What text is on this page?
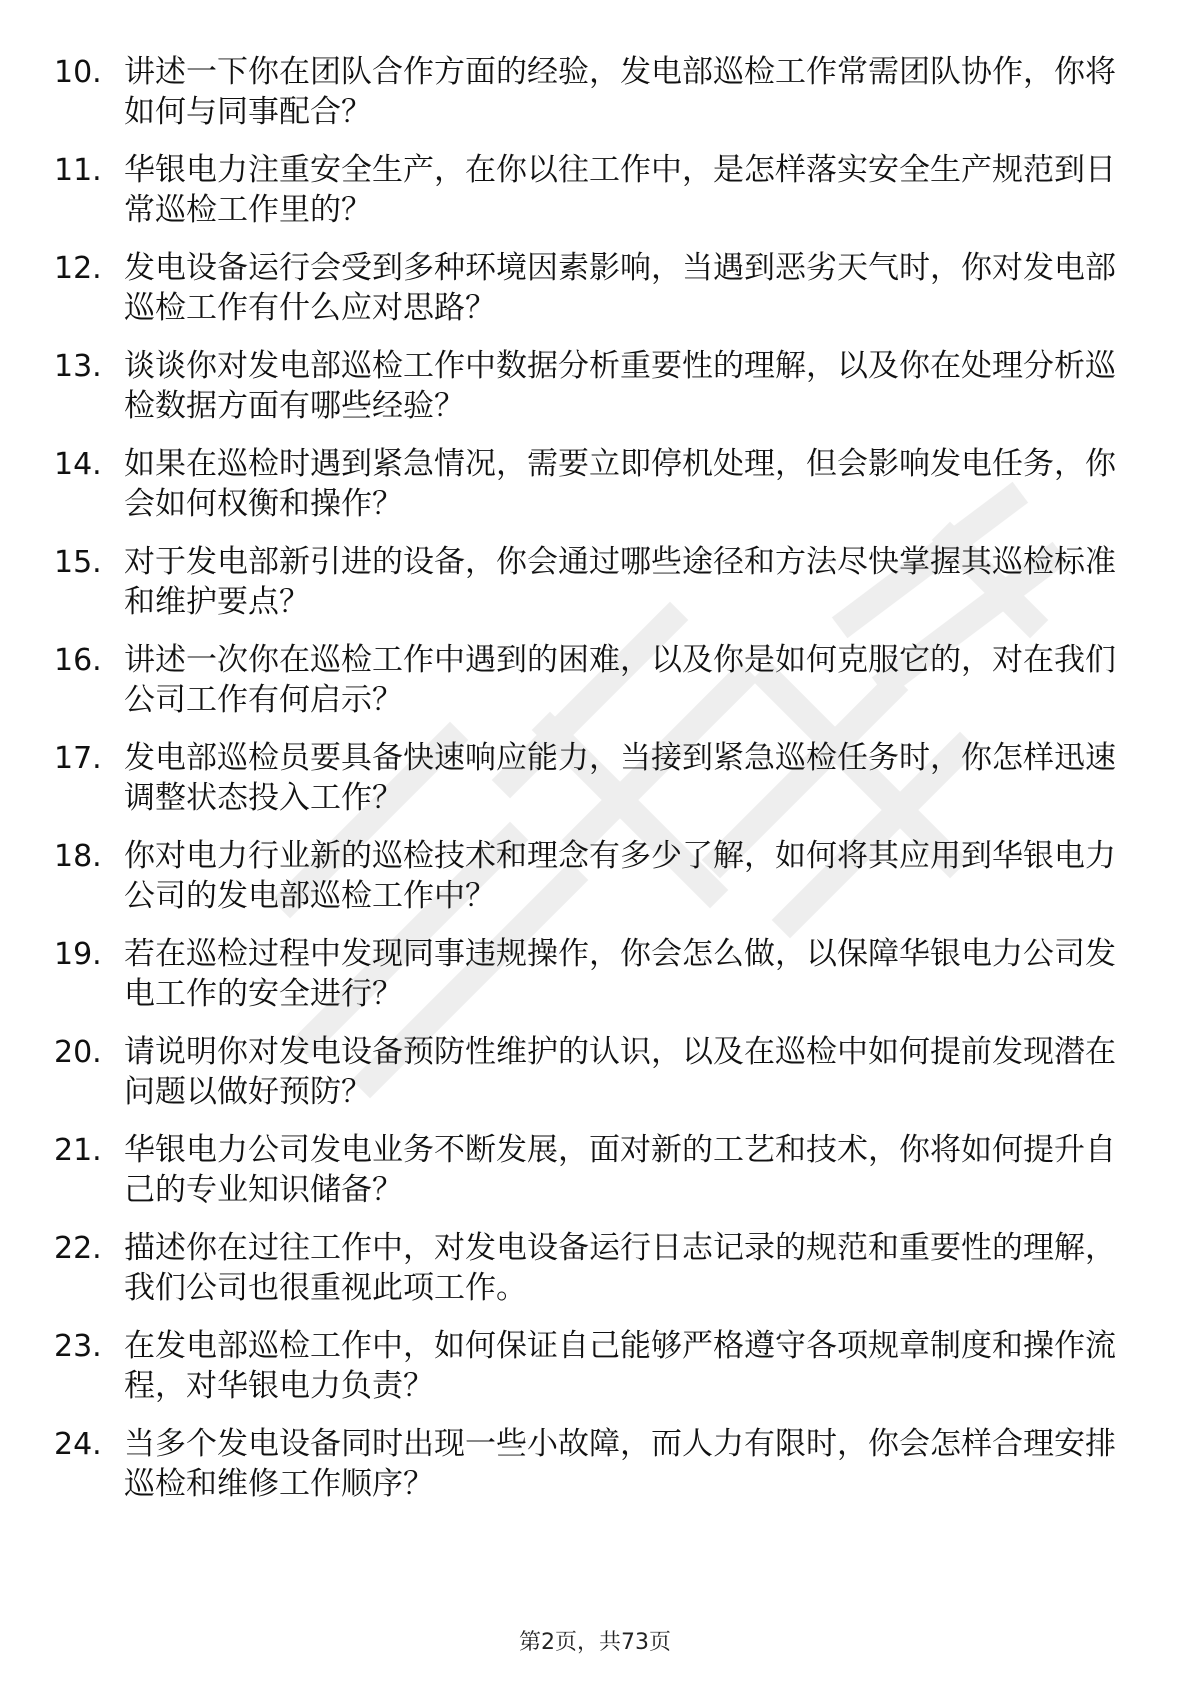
10. 讲述一下你在团队合作方面的经验，发电部巡检工作常需团队协作，你将如何与同事配合？
11. 华银电力注重安全生产，在你以往工作中，是怎样落实安全生产规范到日常巡检工作里的？
12. 发电设备运行会受到多种环境因素影响，当遇到恶劣天气时，你对发电部巡检工作有什么应对思路？
13. 谈谈你对发电部巡检工作中数据分析重要性的理解，以及你在处理分析巡检数据方面有哪些经验？
14. 如果在巡检时遇到紧急情况，需要立即停机处理，但会影响发电任务，你会如何权衡和操作？
15. 对于发电部新引进的设备，你会通过哪些途径和方法尽快掌握其巡检标准和维护要点？
16. 讲述一次你在巡检工作中遇到的困难，以及你是如何克服它的，对在我们公司工作有何启示？
17. 发电部巡检员要具备快速响应能力，当接到紧急巡检任务时，你怎样迅速调整状态投入工作？
18. 你对电力行业新的巡检技术和理念有多少了解，如何将其应用到华银电力公司的发电部巡检工作中？
19. 若在巡检过程中发现同事违规操作，你会怎么做，以保障华银电力公司发电工作的安全进行？
20. 请说明你对发电设备预防性维护的认识，以及在巡检中如何提前发现潜在问题以做好预防？
21. 华银电力公司发电业务不断发展，面对新的工艺和技术，你将如何提升自己的专业知识储备？
22. 描述你在过往工作中，对发电设备运行日志记录的规范和重要性的理解，我们公司也很重视此项工作。
23. 在发电部巡检工作中，如何保证自己能够严格遵守各项规章制度和操作流程，对华银电力负责？
24. 当多个发电设备同时出现一些小故障，而人力有限时，你会怎样合理安排巡检和维修工作顺序？
第2页，共73页
